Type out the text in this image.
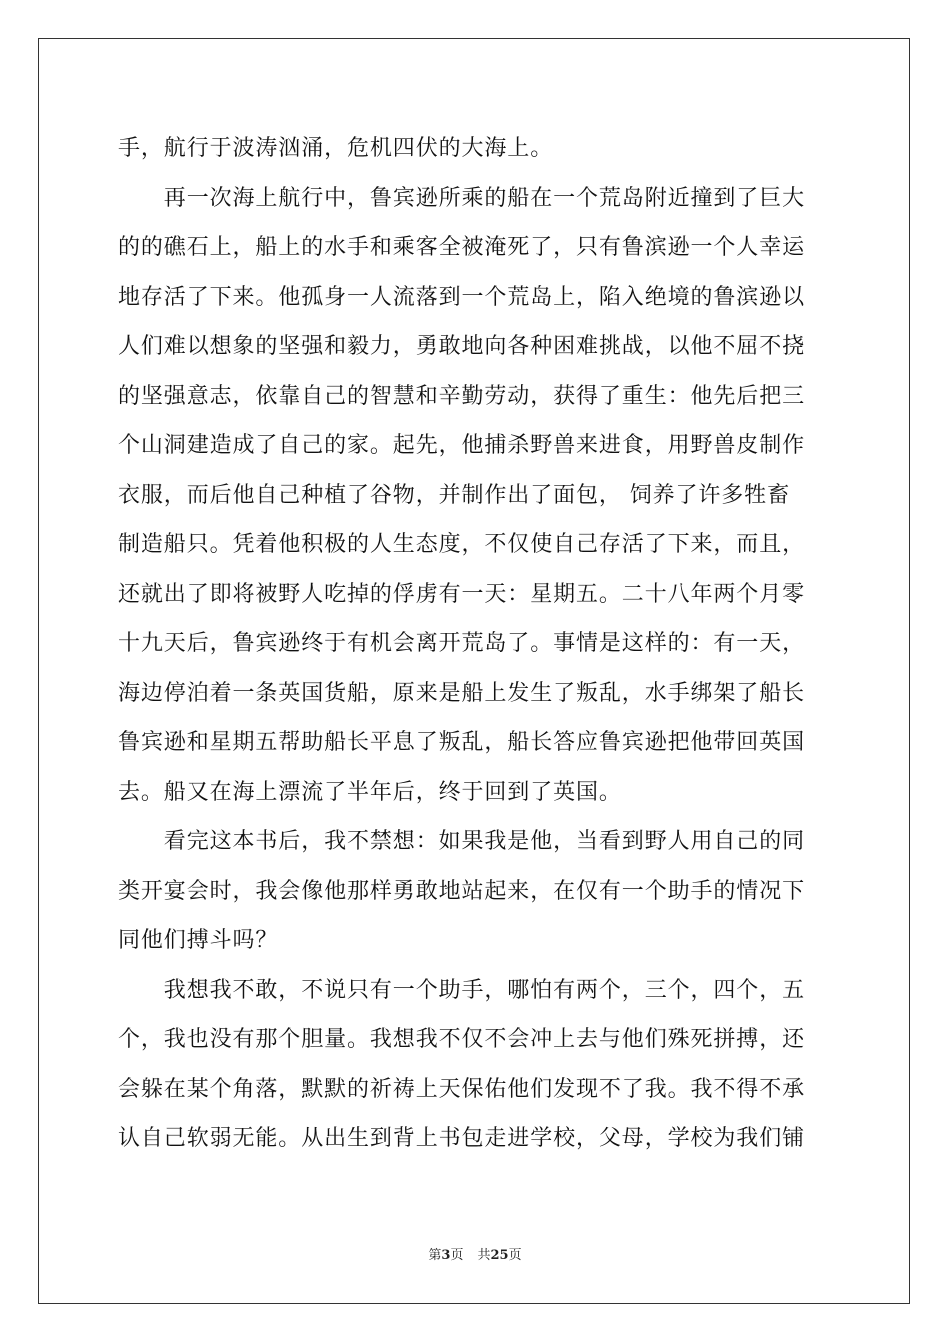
手，航行于波涛汹涌，危机四伏的大海上。
　　再一次海上航行中，鲁宾逊所乘的船在一个荒岛附近撞到了巨大
的的礁石上，船上的水手和乘客全被淹死了，只有鲁滨逊一个人幸运
地存活了下来。他孤身一人流落到一个荒岛上，陷入绝境的鲁滨逊以
人们难以想象的坚强和毅力，勇敢地向各种困难挑战，以他不屈不挠
的坚强意志，依靠自己的智慧和辛勤劳动，获得了重生：他先后把三
个山洞建造成了自己的家。起先，他捕杀野兽来进食，用野兽皮制作
衣服，而后他自己种植了谷物，并制作出了面包， 饲养了许多牲畜
制造船只。凭着他积极的人生态度，不仅使自己存活了下来，而且，
还就出了即将被野人吃掉的俘虏有一天：星期五。二十八年两个月零
十九天后，鲁宾逊终于有机会离开荒岛了。事情是这样的：有一天，
海边停泊着一条英国货船，原来是船上发生了叛乱，水手绑架了船长
鲁宾逊和星期五帮助船长平息了叛乱，船长答应鲁宾逊把他带回英国
去。船又在海上漂流了半年后，终于回到了英国。
　　看完这本书后，我不禁想：如果我是他，当看到野人用自己的同
类开宴会时，我会像他那样勇敢地站起来，在仅有一个助手的情况下
同他们搏斗吗？
　　我想我不敢，不说只有一个助手，哪怕有两个，三个，四个，五
个，我也没有那个胆量。我想我不仅不会冲上去与他们殊死拼搏，还
会躲在某个角落，默默的祈祷上天保佑他们发现不了我。我不得不承
认自己软弱无能。从出生到背上书包走进学校，父母，学校为我们铺
第3页 共25页
